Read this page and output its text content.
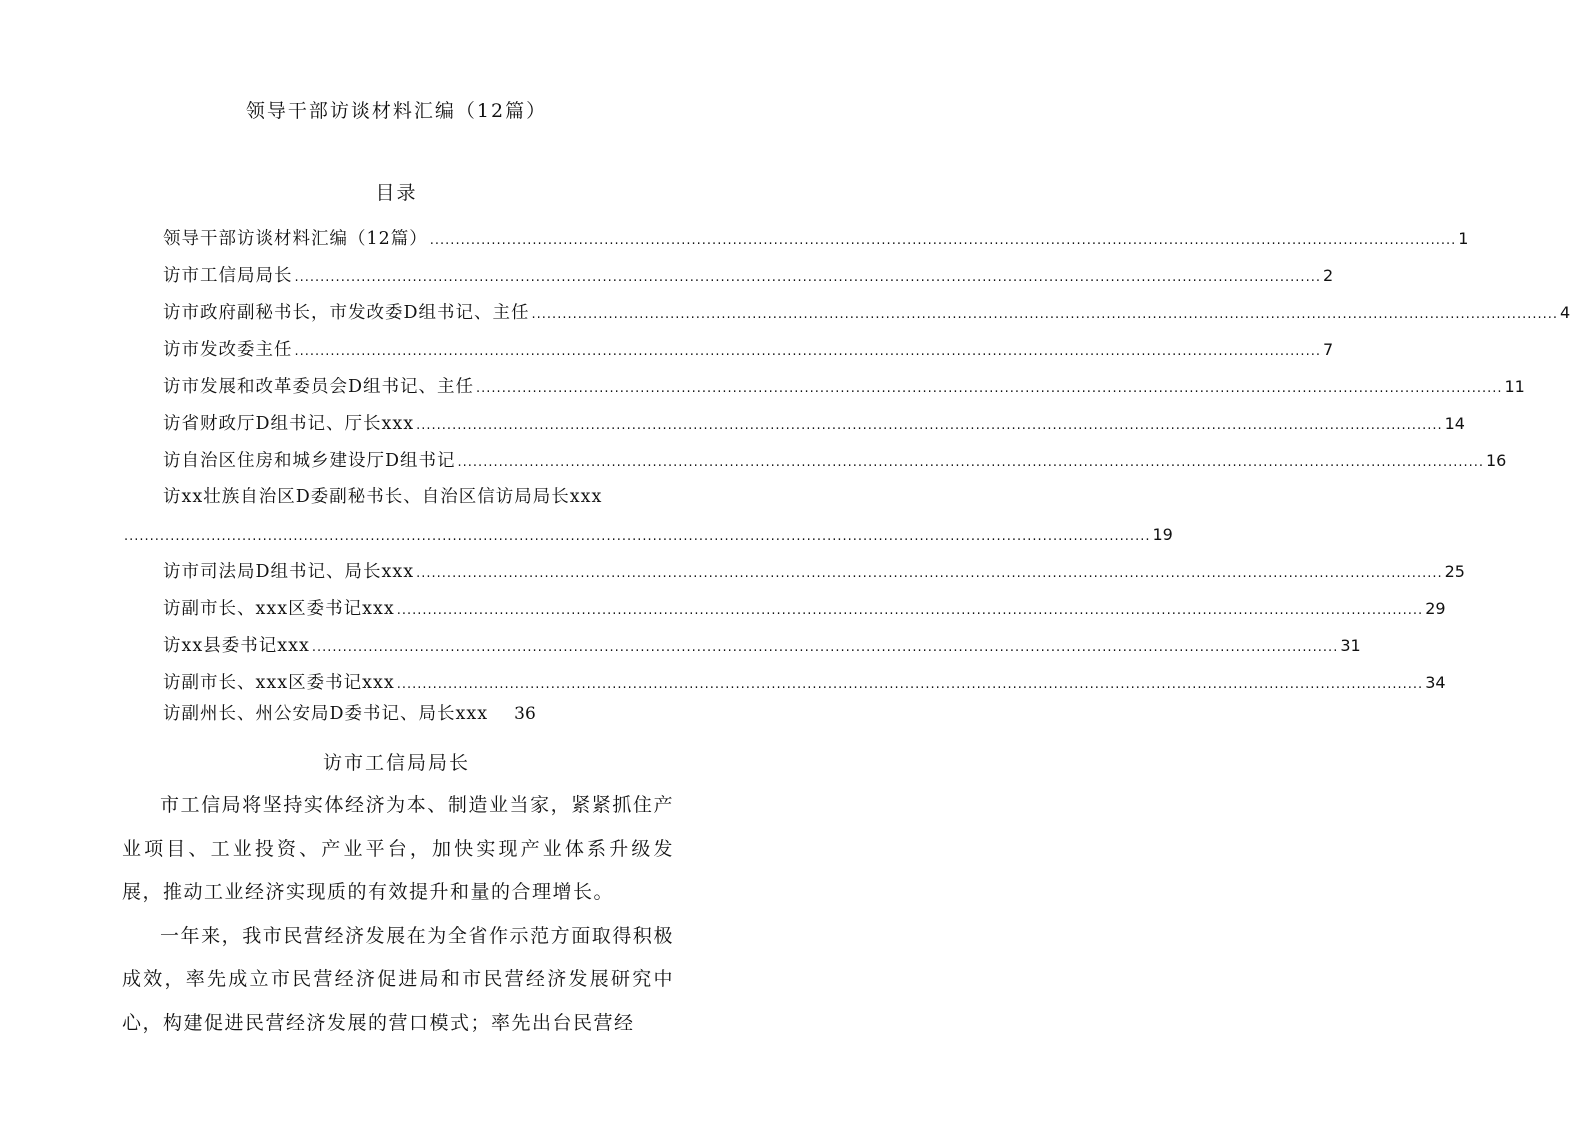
领导干部访谈材料汇编（12篇）
目录
领导干部访谈材料汇编（12篇） ........................................................................................................................................................................................................ 1
访市工信局局长 ........................................................................................................................................................................................................ 2
访市政府副秘书长，市发改委D组书记、主任 ........................................................................................................................................................................................................ 4
访市发改委主任 ........................................................................................................................................................................................................ 7
访市发展和改革委员会D组书记、主任 ........................................................................................................................................................................................................ 11
访省财政厅D组书记、厅长xxx ........................................................................................................................................................................................................ 14
访自治区住房和城乡建设厅D组书记 ........................................................................................................................................................................................................ 16
访xx壮族自治区D委副秘书长、自治区信访局局长xxx
........................................................................................................................................................................................................ 19
访市司法局D组书记、局长xxx ........................................................................................................................................................................................................ 25
访副市长、xxx区委书记xxx ........................................................................................................................................................................................................ 29
访xx县委书记xxx ........................................................................................................................................................................................................ 31
访副市长、xxx区委书记xxx ........................................................................................................................................................................................................ 34
访副州长、州公安局D委书记、局长xxx 36
访市工信局局长

市工信局将坚持实体经济为本、制造业当家，紧紧抓住产业项目、工业投资、产业平台，加快实现产业体系升级发展，推动工业经济实现质的有效提升和量的合理增长。

一年来，我市民营经济发展在为全省作示范方面取得积极成效，率先成立市民营经济促进局和市民营经济发展研究中心，构建促进民营经济发展的营口模式；率先出台民营经
